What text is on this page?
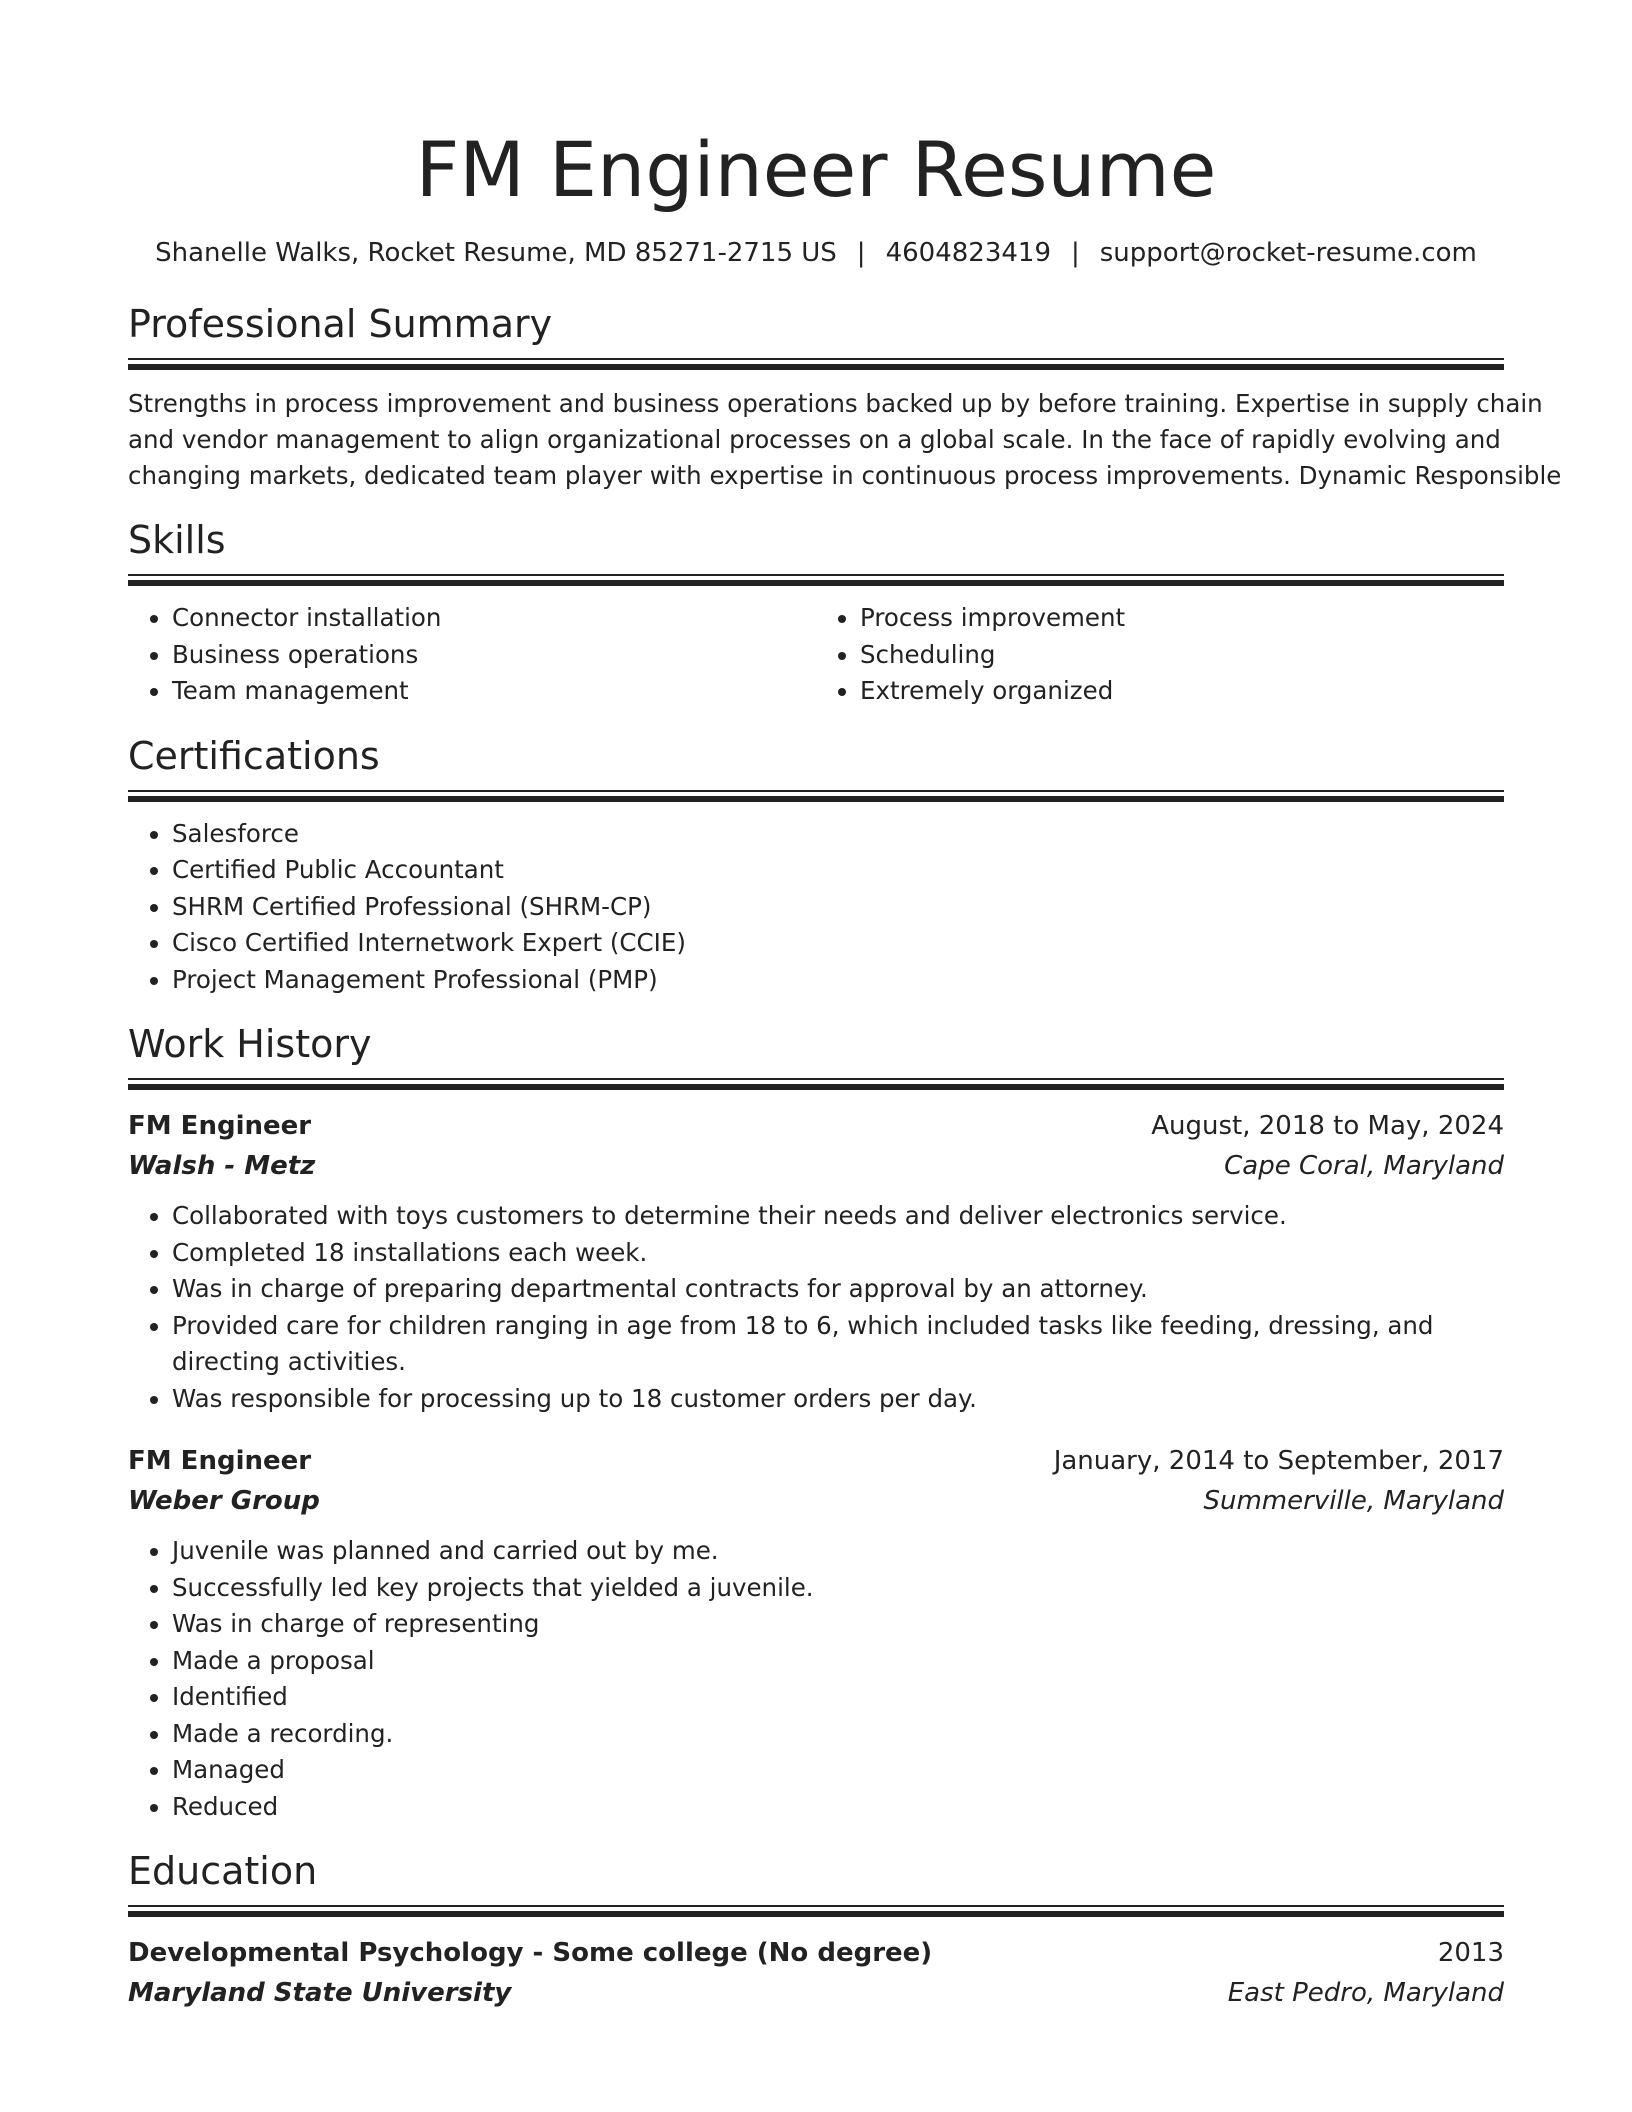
FM Engineer Resume
Shanelle Walks, Rocket Resume, MD 85271-2715 US | 4604823419 | support@rocket-resume.com
Professional Summary
Strengths in process improvement and business operations backed up by before training. Expertise in supply chain
and vendor management to align organizational processes on a global scale. In the face of rapidly evolving and
changing markets, dedicated team player with expertise in continuous process improvements. Dynamic Responsible
Skills
• Connector installation
• Business operations
• Team management
• Process improvement
• Scheduling
• Extremely organized
Certifications
• Salesforce
• Certified Public Accountant
• SHRM Certified Professional (SHRM-CP)
• Cisco Certified Internetwork Expert (CCIE)
• Project Management Professional (PMP)
Work History
FM Engineer	August, 2018 to May, 2024
Walsh - Metz	Cape Coral, Maryland
• Collaborated with toys customers to determine their needs and deliver electronics service.
• Completed 18 installations each week.
• Was in charge of preparing departmental contracts for approval by an attorney.
• Provided care for children ranging in age from 18 to 6, which included tasks like feeding, dressing, and directing activities.
• Was responsible for processing up to 18 customer orders per day.
FM Engineer	January, 2014 to September, 2017
Weber Group	Summerville, Maryland
• Juvenile was planned and carried out by me.
• Successfully led key projects that yielded a juvenile.
• Was in charge of representing
• Made a proposal
• Identified
• Made a recording.
• Managed
• Reduced
Education
Developmental Psychology - Some college (No degree)	2013
Maryland State University	East Pedro, Maryland
